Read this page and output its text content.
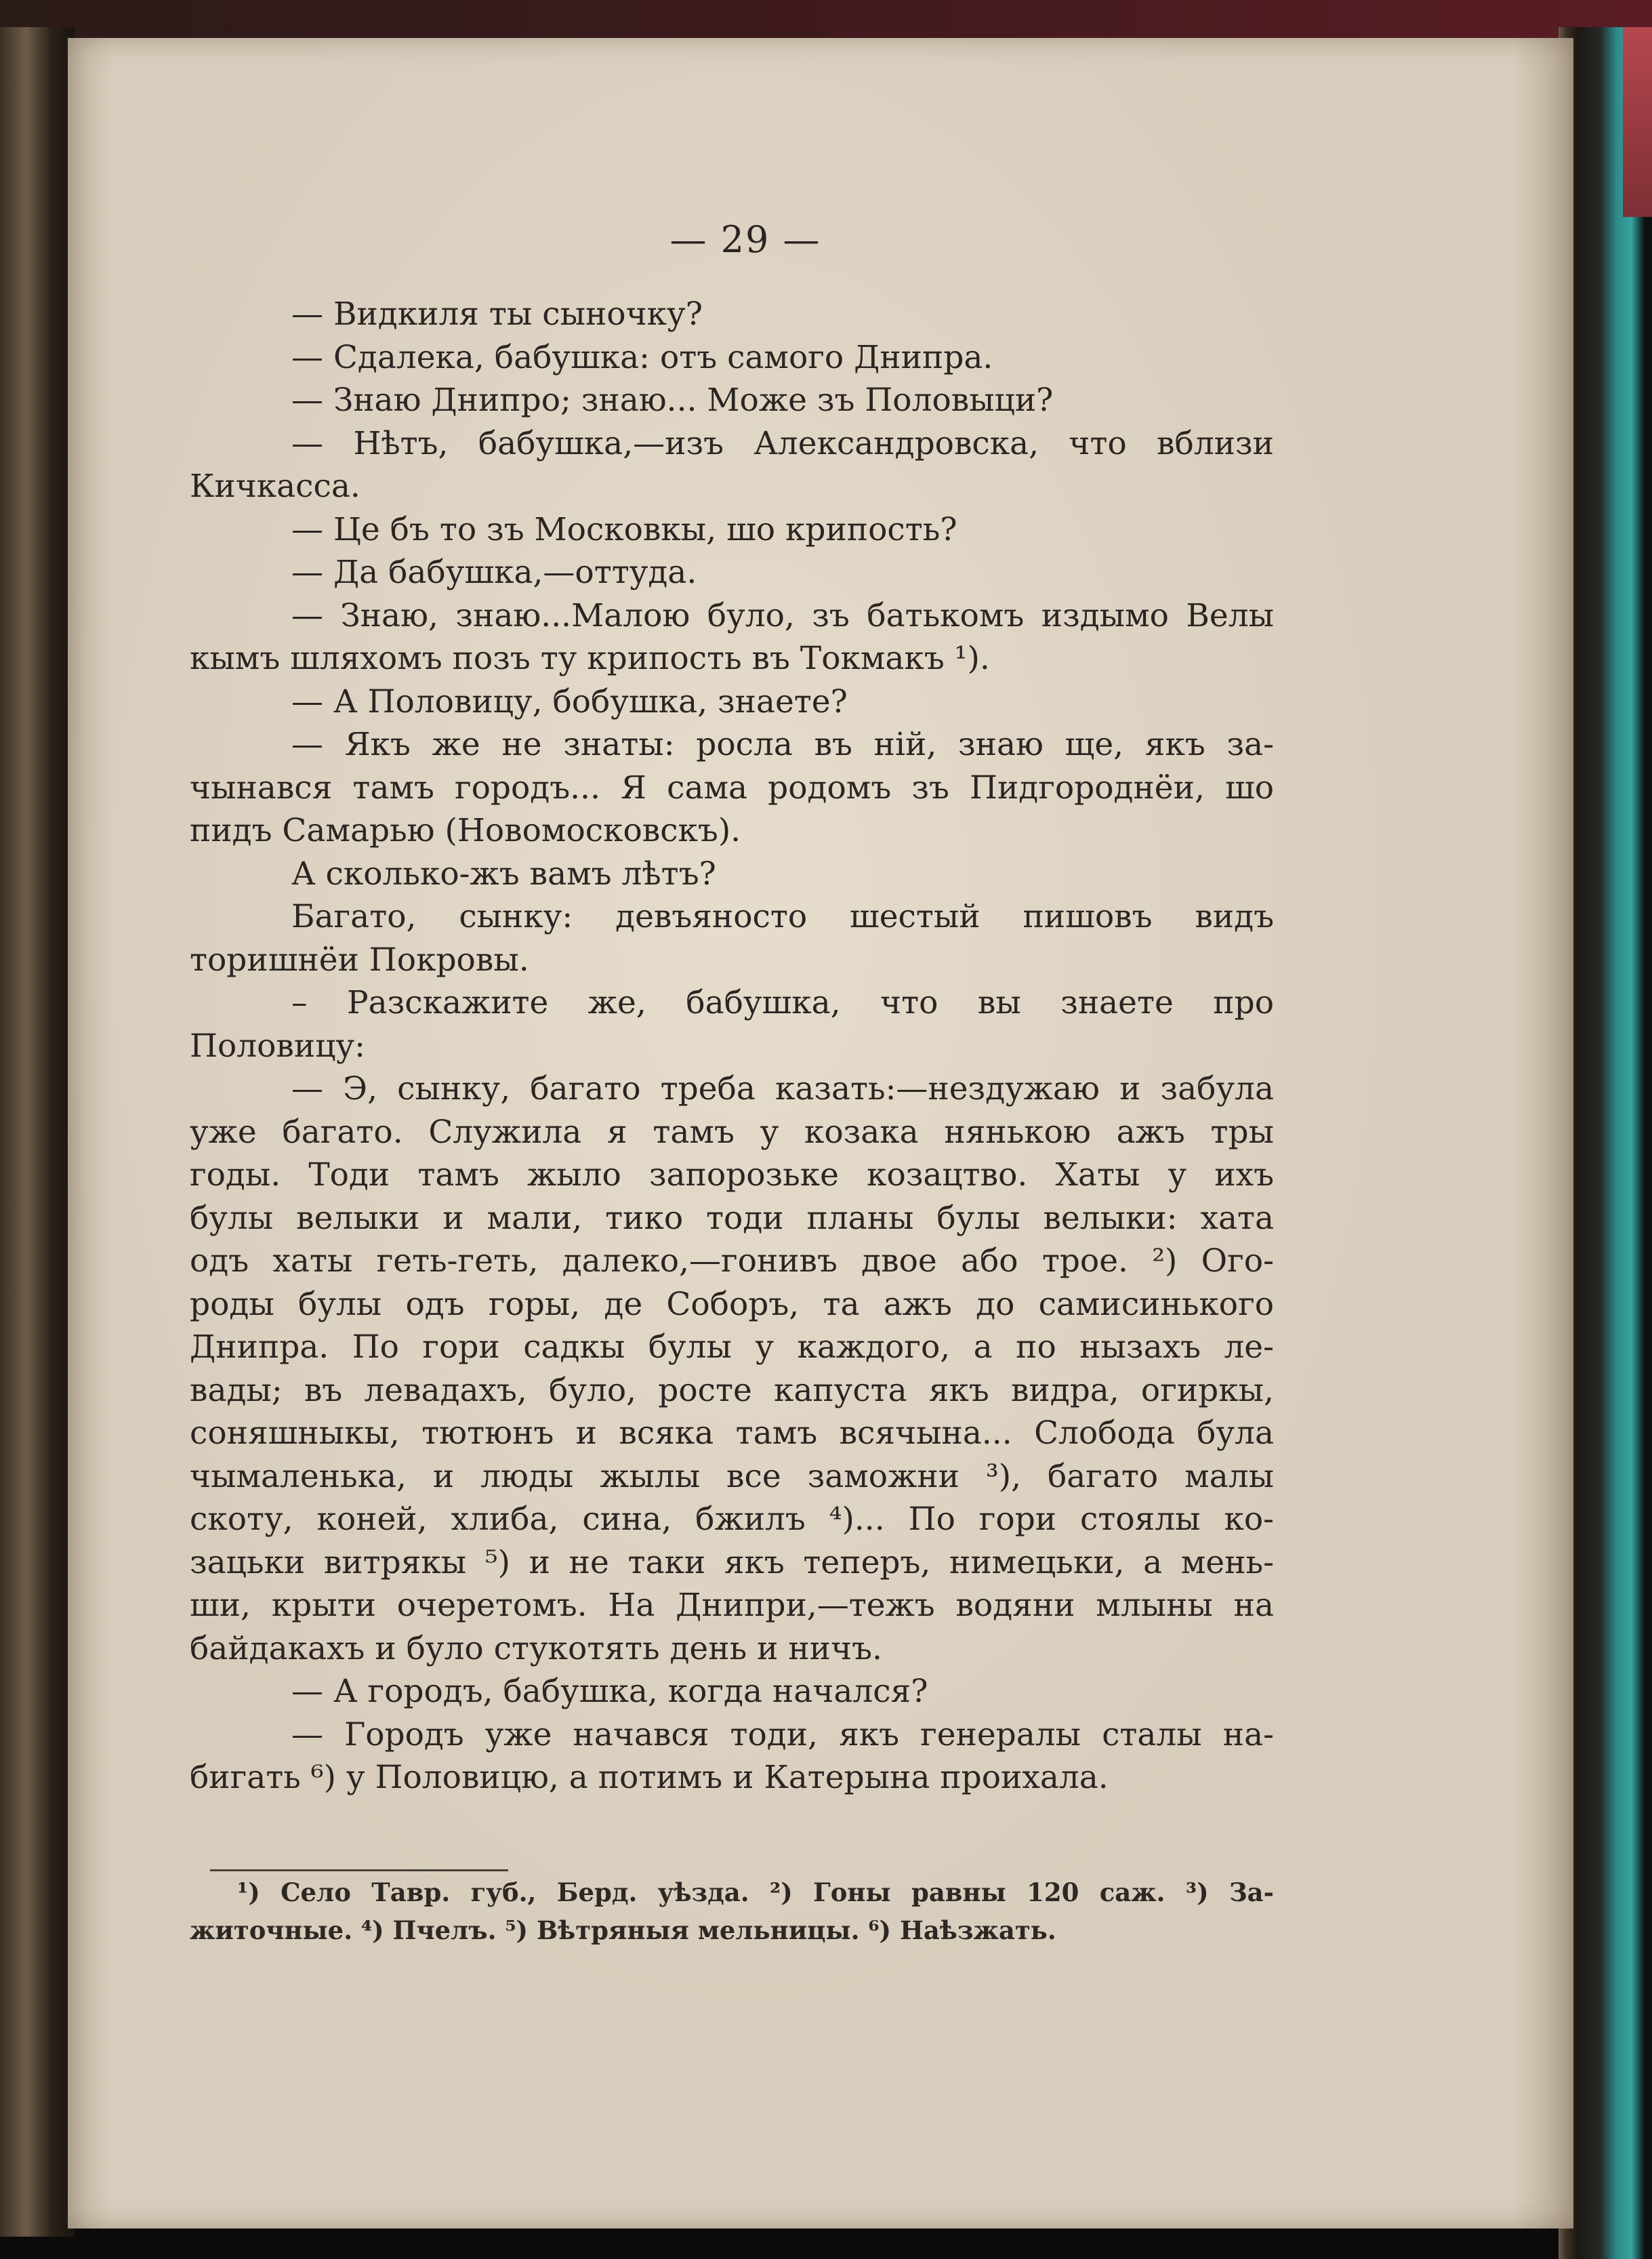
— 29 —
— Видкиля ты сыночку?
— Сдалека, бабушка: отъ самого Днипра.
— Знаю Днипро; знаю... Може зъ Половыци?
— Нѣтъ, бабушка,—изъ Александровска, что вблизи
Кичкасса.
— Це бъ то зъ Московкы, шо крипость?
— Да бабушка,—оттуда.
— Знаю, знаю...Малою було, зъ батькомъ издымо Велы
кымъ шляхомъ позъ ту крипость въ Токмакъ ¹).
— А Половицу, бобушка, знаете?
— Якъ же не знаты: росла въ ній, знаю ще, якъ за-
чынався тамъ городъ... Я сама родомъ зъ Пидгороднёи, шо
пидъ Самарью (Новомосковскъ).
А сколько-жъ вамъ лѣтъ?
Багато, сынку: девъяносто шестый пишовъ видъ
торишнёи Покровы.
– Разскажите же, бабушка, что вы знаете про
Половицу:
— Э, сынку, багато треба казать:—нездужаю и забула
уже багато. Служила я тамъ у козака нянькою ажъ тры
годы. Тоди тамъ жыло запорозьке козацтво. Хаты у ихъ
булы велыки и мали, тико тоди планы булы велыки: хата
одъ хаты геть-геть, далеко,—гонивъ двое або трое. ²) Ого-
роды булы одъ горы, де Соборъ, та ажъ до самисинького
Днипра. По гори садкы булы у каждого, а по нызахъ ле-
вады; въ левадахъ, було, росте капуста якъ видра, огиркы,
соняшныкы, тютюнъ и всяка тамъ всячына... Слобода була
чымаленька, и люды жылы все заможни ³), багато малы
скоту, коней, хлиба, сина, бжилъ ⁴)... По гори стоялы ко-
зацьки витрякы ⁵) и не таки якъ теперъ, нимецьки, а мень-
ши, крыти очеретомъ. На Днипри,—тежъ водяни млыны на
байдакахъ и було стукотять день и ничъ.
— А городъ, бабушка, когда начался?
— Городъ уже начався тоди, якъ генералы сталы на-
бигать ⁶) у Половицю, а потимъ и Катерына проихала.
¹) Село Тавр. губ., Берд. уѣзда. ²) Гоны равны 120 саж. ³) За-
житочные. ⁴) Пчелъ. ⁵) Вѣтряныя мельницы. ⁶) Наѣзжать.
